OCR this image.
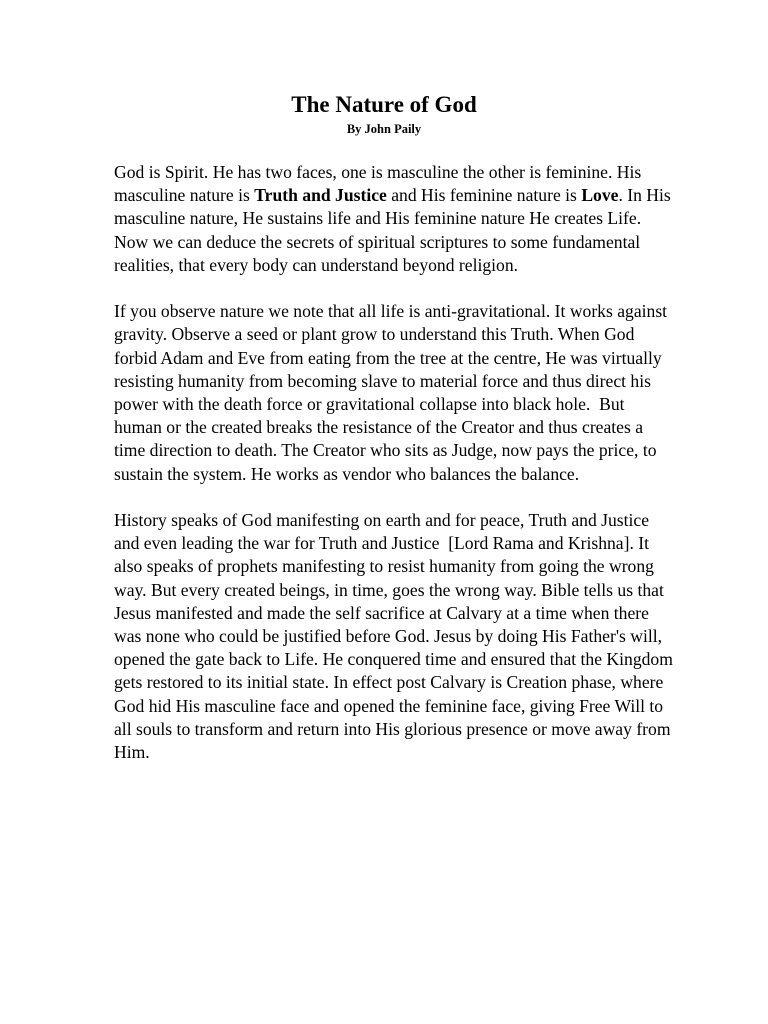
The Nature of God
By John Paily

God is Spirit. He has two faces, one is masculine the other is feminine. His masculine nature is Truth and Justice and His feminine nature is Love. In His masculine nature, He sustains life and His feminine nature He creates Life. Now we can deduce the secrets of spiritual scriptures to some fundamental realities, that every body can understand beyond religion.

If you observe nature we note that all life is anti-gravitational. It works against gravity. Observe a seed or plant grow to understand this Truth. When God forbid Adam and Eve from eating from the tree at the centre, He was virtually resisting humanity from becoming slave to material force and thus direct his power with the death force or gravitational collapse into black hole.  But human or the created breaks the resistance of the Creator and thus creates a time direction to death. The Creator who sits as Judge, now pays the price, to sustain the system. He works as vendor who balances the balance.

History speaks of God manifesting on earth and for peace, Truth and Justice and even leading the war for Truth and Justice  [Lord Rama and Krishna]. It also speaks of prophets manifesting to resist humanity from going the wrong way. But every created beings, in time, goes the wrong way. Bible tells us that Jesus manifested and made the self sacrifice at Calvary at a time when there was none who could be justified before God. Jesus by doing His Father's will, opened the gate back to Life. He conquered time and ensured that the Kingdom gets restored to its initial state. In effect post Calvary is Creation phase, where God hid His masculine face and opened the feminine face, giving Free Will to all souls to transform and return into His glorious presence or move away from Him.
